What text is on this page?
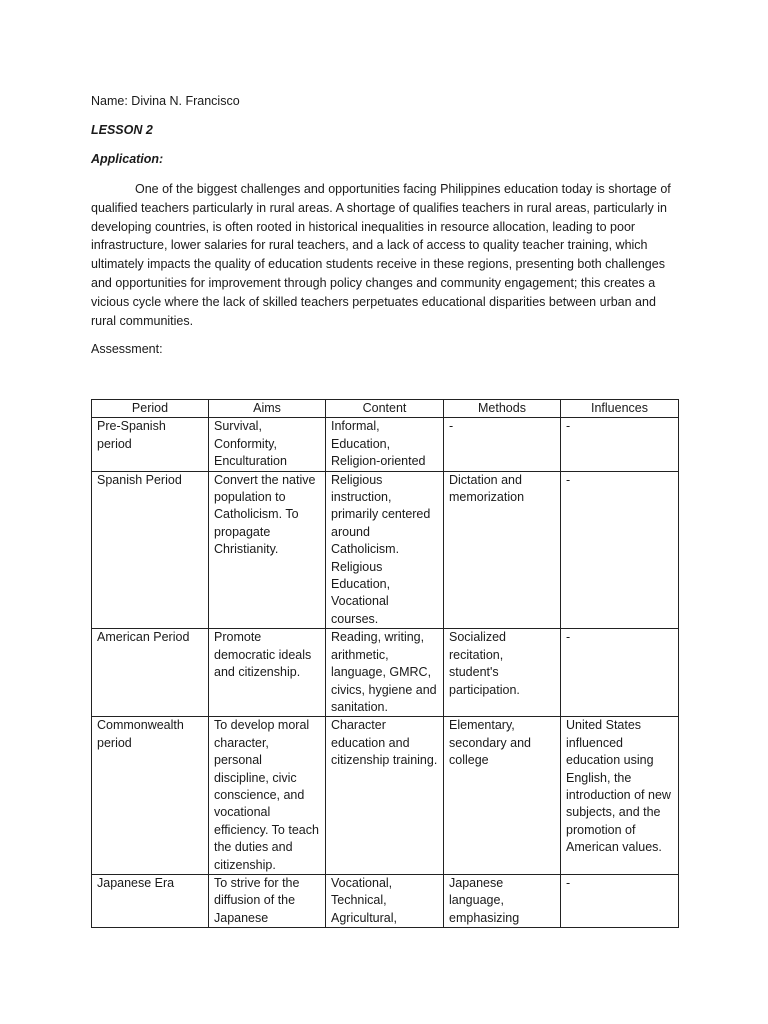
Name: Divina N. Francisco
LESSON 2
Application:

One of the biggest challenges and opportunities facing Philippines education today is shortage of qualified teachers particularly in rural areas. A shortage of qualifies teachers in rural areas, particularly in developing countries, is often rooted in historical inequalities in resource allocation, leading to poor infrastructure, lower salaries for rural teachers, and a lack of access to quality teacher training, which ultimately impacts the quality of education students receive in these regions, presenting both challenges and opportunities for improvement through policy changes and community engagement; this creates a vicious cycle where the lack of skilled teachers perpetuates educational disparities between urban and rural communities.

Assessment:
Period	Aims	Content	Methods	Influences
Pre-Spanish period	Survival, Conformity, Enculturation	Informal, Education, Religion-oriented	-	-
Spanish Period	Convert the native population to Catholicism. To propagate Christianity.	Religious instruction, primarily centered around Catholicism. Religious Education, Vocational courses.	Dictation and memorization	-
American Period	Promote democratic ideals and citizenship.	Reading, writing, arithmetic, language, GMRC, civics, hygiene and sanitation.	Socialized recitation, student's participation.	-
Commonwealth period	To develop moral character, personal discipline, civic conscience, and vocational efficiency. To teach the duties and citizenship.	Character education and citizenship training.	Elementary, secondary and college	United States influenced education using English, the introduction of new subjects, and the promotion of American values.
Japanese Era	To strive for the diffusion of the Japanese	Vocational, Technical, Agricultural,	Japanese language, emphasizing	-
